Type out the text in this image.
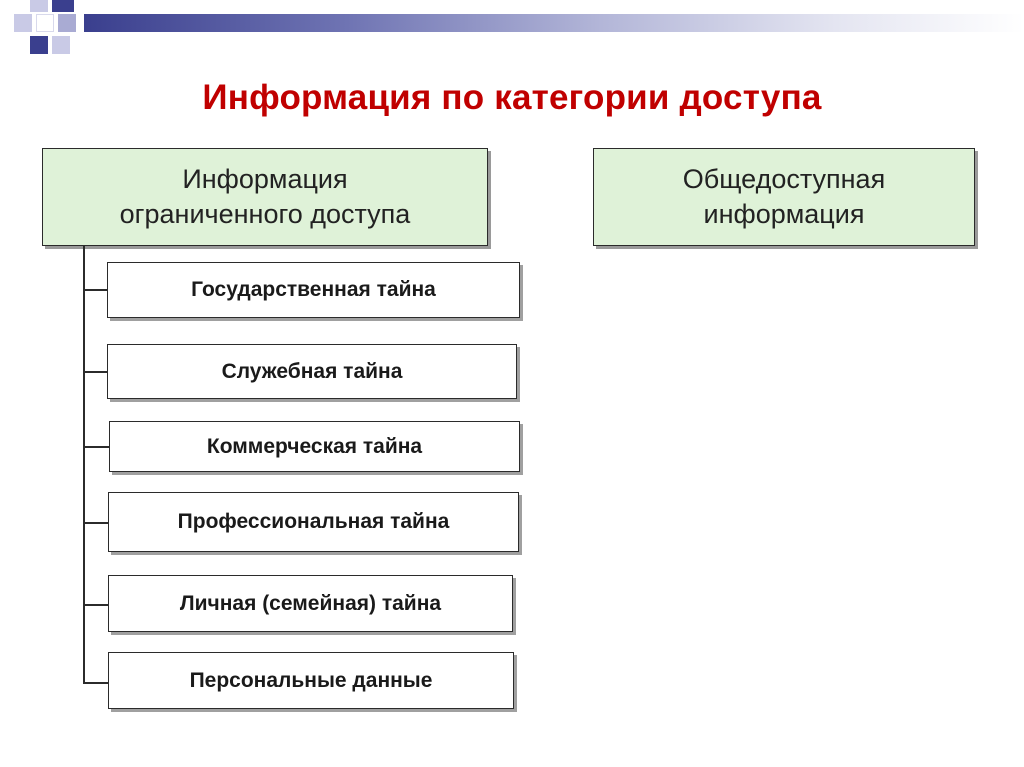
Информация по категории доступа
Информация
ограниченного доступа
Общедоступная
информация
Государственная тайна
Служебная тайна
Коммерческая тайна
Профессиональная тайна
Личная (семейная) тайна
Персональные данные
